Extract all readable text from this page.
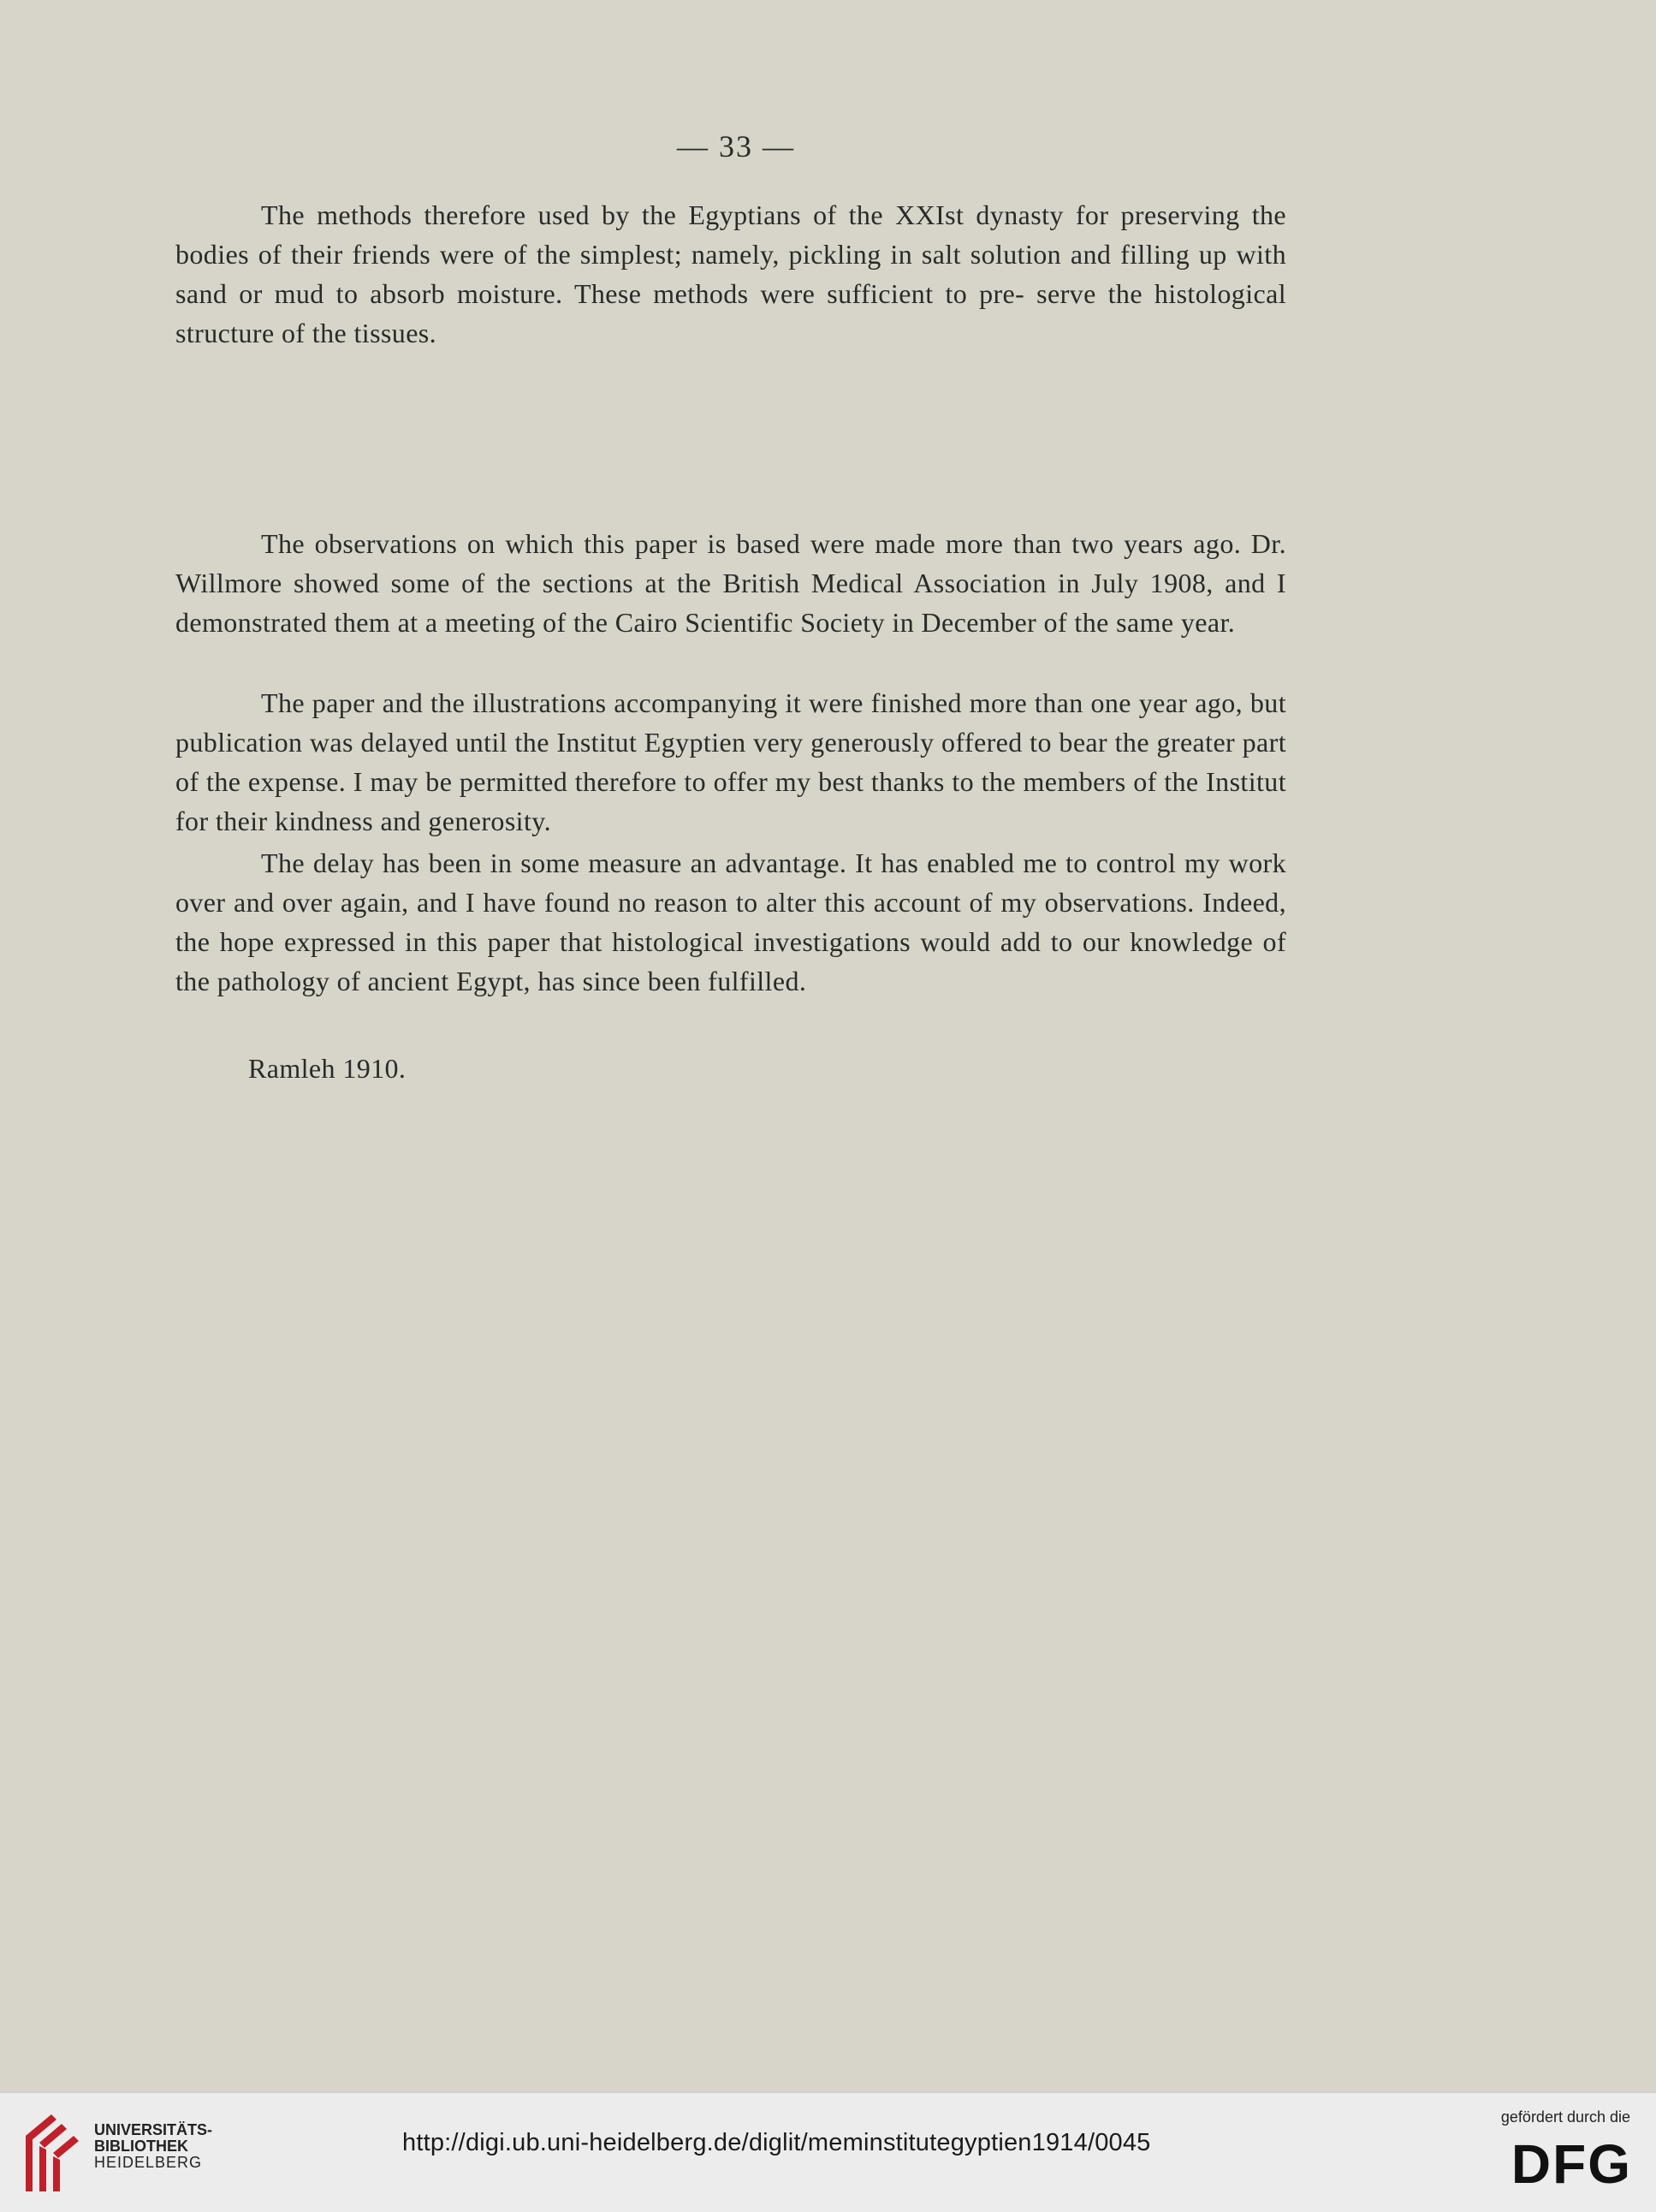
— 33 —

The methods therefore used by the Egyptians of the XXIst dynasty for preserving the bodies of their friends were of the simplest; namely, pickling in salt solution and filling up with sand or mud to absorb moisture. These methods were sufficient to pre- serve the histological structure of the tissues.

The observations on which this paper is based were made more than two years ago. Dr. Willmore showed some of the sections at the British Medical Association in July 1908, and I demonstrated them at a meeting of the Cairo Scientific Society in December of the same year.

The paper and the illustrations accompanying it were finished more than one year ago, but publication was delayed until the Institut Egyptien very generously offered to bear the greater part of the expense. I may be permitted therefore to offer my best thanks to the members of the Institut for their kindness and generosity.

The delay has been in some measure an advantage. It has enabled me to control my work over and over again, and I have found no reason to alter this account of my observations. Indeed, the hope expressed in this paper that histological investigations would add to our knowledge of the pathology of ancient Egypt, has since been fulfilled.

Ramleh 1910.
UNIVERSITÄTS-
BIBLIOTHEK
HEIDELBERG
http://digi.ub.uni-heidelberg.de/diglit/meminstitutegyptien1914/0045
gefördert durch die
DFG
